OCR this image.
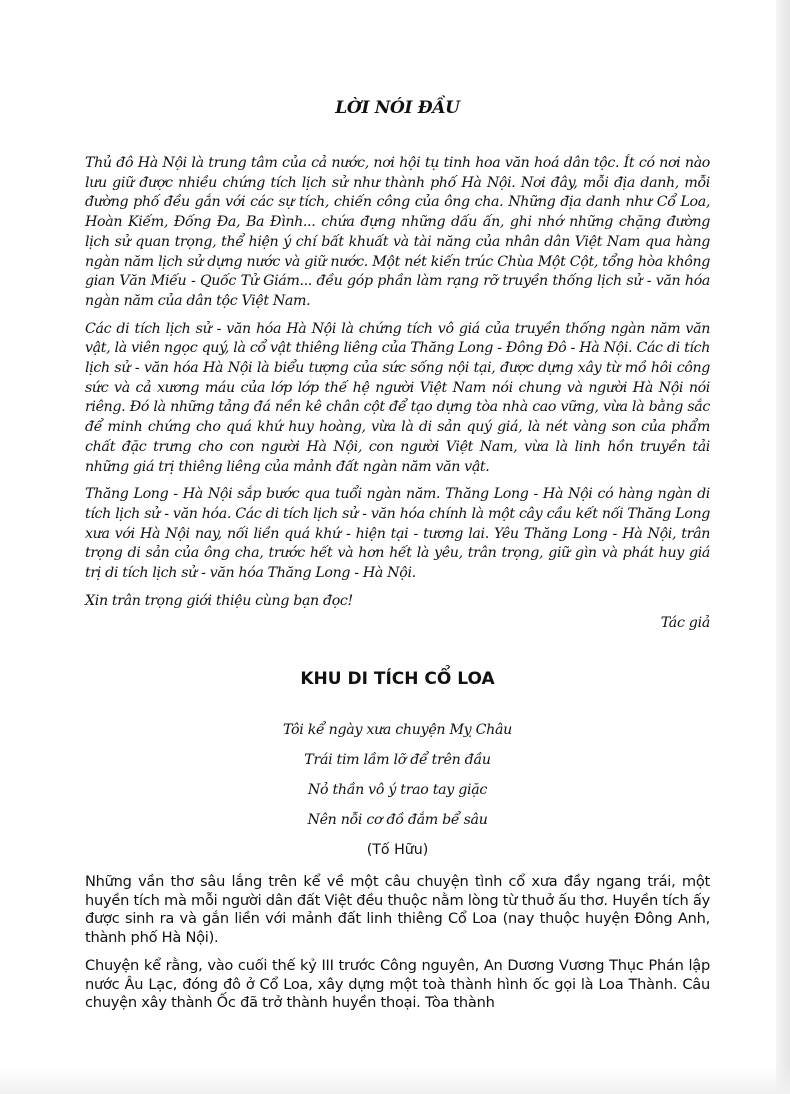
LỜI NÓI ĐẦU

Thủ đô Hà Nội là trung tâm của cả nước, nơi hội tụ tinh hoa văn hoá dân tộc. Ít có nơi nào lưu giữ được nhiều chứng tích lịch sử như thành phố Hà Nội. Nơi đây, mỗi địa danh, mỗi đường phố đều gắn với các sự tích, chiến công của ông cha. Những địa danh như Cổ Loa, Hoàn Kiếm, Đống Đa, Ba Đình... chứa đựng những dấu ấn, ghi nhớ những chặng đường lịch sử quan trọng, thể hiện ý chí bất khuất và tài năng của nhân dân Việt Nam qua hàng ngàn năm lịch sử dựng nước và giữ nước. Một nét kiến trúc Chùa Một Cột, tổng hòa không gian Văn Miếu - Quốc Tử Giám... đều góp phần làm rạng rỡ truyền thống lịch sử - văn hóa ngàn năm của dân tộc Việt Nam.

Các di tích lịch sử - văn hóa Hà Nội là chứng tích vô giá của truyền thống ngàn năm văn vật, là viên ngọc quý, là cổ vật thiêng liêng của Thăng Long - Đông Đô - Hà Nội. Các di tích lịch sử - văn hóa Hà Nội là biểu tượng của sức sống nội tại, được dựng xây từ mồ hôi công sức và cả xương máu của lớp lớp thế hệ người Việt Nam nói chung và người Hà Nội nói riêng. Đó là những tảng đá nền kê chân cột để tạo dựng tòa nhà cao vững, vừa là bằng sắc để minh chứng cho quá khứ huy hoàng, vừa là di sản quý giá, là nét vàng son của phẩm chất đặc trưng cho con người Hà Nội, con người Việt Nam, vừa là linh hồn truyền tải những giá trị thiêng liêng của mảnh đất ngàn năm văn vật.

Thăng Long - Hà Nội sắp bước qua tuổi ngàn năm. Thăng Long - Hà Nội có hàng ngàn di tích lịch sử - văn hóa. Các di tích lịch sử - văn hóa chính là một cây cầu kết nối Thăng Long xưa với Hà Nội nay, nối liền quá khứ - hiện tại - tương lai. Yêu Thăng Long - Hà Nội, trân trọng di sản của ông cha, trước hết và hơn hết là yêu, trân trọng, giữ gìn và phát huy giá trị di tích lịch sử - văn hóa Thăng Long - Hà Nội.

Xin trân trọng giới thiệu cùng bạn đọc!

Tác giả

KHU DI TÍCH CỔ LOA
Tôi kể ngày xưa chuyện Mỵ Châu
Trái tim lầm lỡ để trên đầu
Nỏ thần vô ý trao tay giặc
Nên nỗi cơ đồ đắm bể sâu
(Tố Hữu)

Những vần thơ sâu lắng trên kể về một câu chuyện tình cổ xưa đầy ngang trái, một huyền tích mà mỗi người dân đất Việt đều thuộc nằm lòng từ thuở ấu thơ. Huyền tích ấy được sinh ra và gắn liền với mảnh đất linh thiêng Cổ Loa (nay thuộc huyện Đông Anh, thành phố Hà Nội).

Chuyện kể rằng, vào cuối thế kỷ III trước Công nguyên, An Dương Vương Thục Phán lập nước Âu Lạc, đóng đô ở Cổ Loa, xây dựng một toà thành hình ốc gọi là Loa Thành. Câu chuyện xây thành Ốc đã trở thành huyền thoại. Tòa thành
